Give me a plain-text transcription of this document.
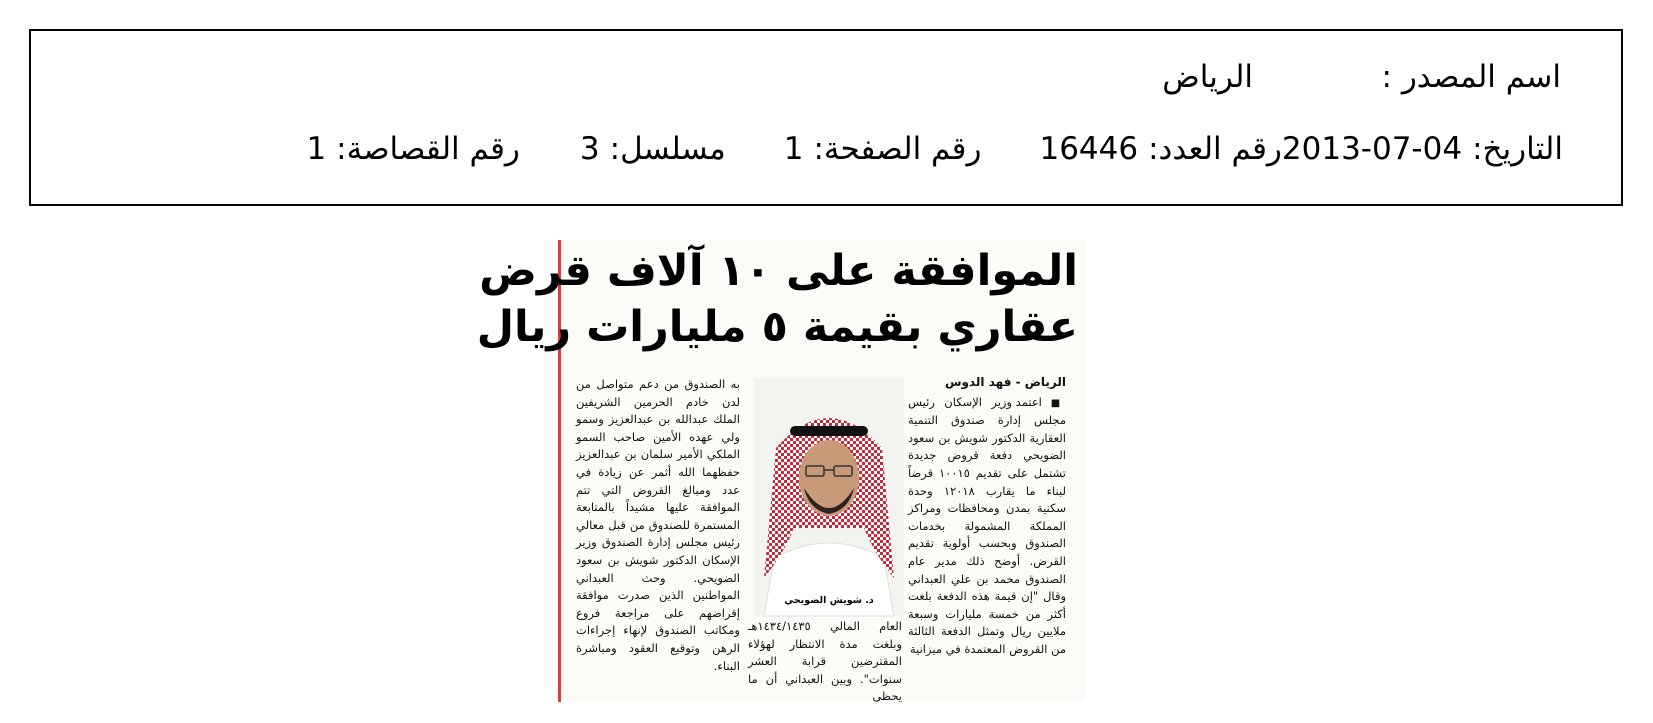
اسم المصدر :
الرياض
التاريخ:
2013-07-04
رقم العدد:
16446
رقم الصفحة:
1
مسلسل:
3
رقم القصاصة:
1
الموافقة على ١٠ آلاف قرض
عقاري بقيمة ٥ مليارات ريال
الرياض - فهد الدوس
■ اعتمد وزير الإسكان رئيس مجلس إدارة صندوق التنمية العقارية الدكتور شويش بن سعود الضويحي دفعة قروض جديدة تشتمل على تقديم ١٠٠١٥ قرضاً لبناء ما يقارب ١٢٠١٨ وحدة سكنية بمدن ومحافظات ومراكز المملكة المشمولة بخدمات الصندوق وبحسب أولوية تقديم القرض. أوضح ذلك مدير عام الصندوق محمد بن علي العبداني وقال "إن قيمة هذه الدفعة بلغت أكثر من خمسة مليارات وسبعة ملايين ريال وتمثل الدفعة الثالثة من القروض المعتمدة في ميزانية
د. شويش الضويحي
العام المالي ١٤٣٤/١٤٣٥هـ وبلغت مدة الانتظار لهؤلاء المقترضين قرابة العشر سنوات". وبين العبداني أن ما يحظى
به الصندوق من دعم متواصل من لدن خادم الحرمين الشريفين الملك عبدالله بن عبدالعزيز وسمو ولي عهده الأمين صاحب السمو الملكي الأمير سلمان بن عبدالعزيز حفظهما الله أثمر عن زيادة في عدد ومبالغ القروض التي تتم الموافقة عليها مشيداً بالمتابعة المستمرة للصندوق من قبل معالي رئيس مجلس إدارة الصندوق وزير الإسكان الدكتور شويش بن سعود الضويحي. وحث العبداني المواطنين الذين صدرت موافقة إقراضهم على مراجعة فروع ومكاتب الصندوق لإنهاء إجراءات الرهن وتوقيع العقود ومباشرة البناء.
